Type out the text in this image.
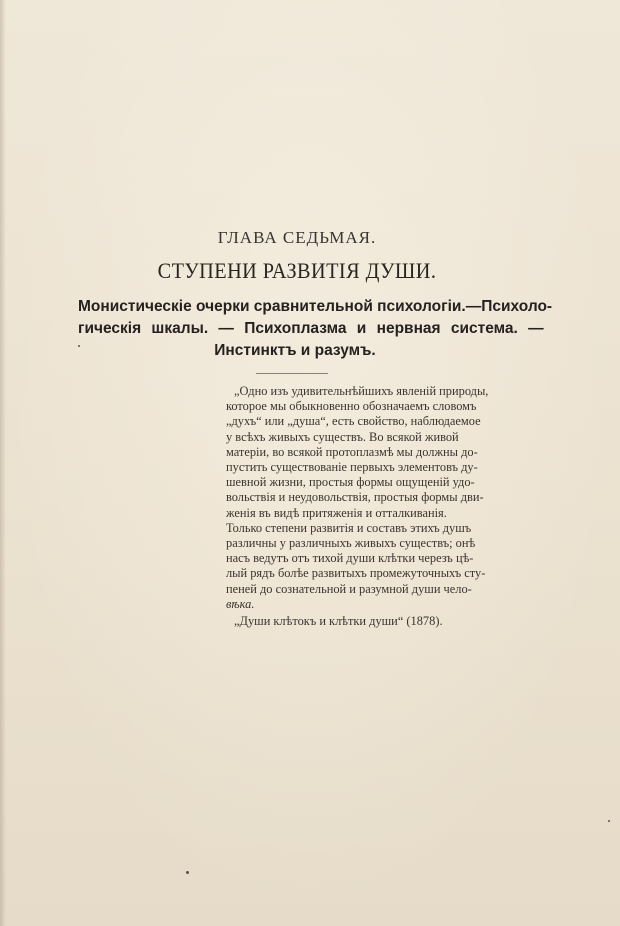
ГЛАВА СЕДЬМАЯ.
СТУПЕНИ РАЗВИТІЯ ДУШИ.
Монистическіе очерки сравнительной психологіи.—Психоло-
гическія шкалы. — Психоплазма и нервная система. —
Инстинктъ и разумъ.
„Одно изъ удивительнѣйшихъ явленій природы,
которое мы обыкновенно обозначаемъ словомъ
„духъ“ или „душа“, есть свойство, наблюдаемое
у всѣхъ живыхъ существъ. Во всякой живой
матеріи, во всякой протоплазмѣ мы должны до-
пустить существованіе первыхъ элементовъ ду-
шевной жизни, простыя формы ощущеній удо-
вольствія и неудовольствія, простыя формы дви-
женія въ видѣ притяженія и отталкиванія.
Только степени развитія и составъ этихъ душъ
различны у различныхъ живыхъ существъ; онѣ
насъ ведутъ отъ тихой души клѣтки черезъ цѣ-
лый рядъ болѣе развитыхъ промежуточныхъ сту-
пеней до сознательной и разумной души чело-
вѣка.
„Души клѣтокъ и клѣтки души“ (1878).
